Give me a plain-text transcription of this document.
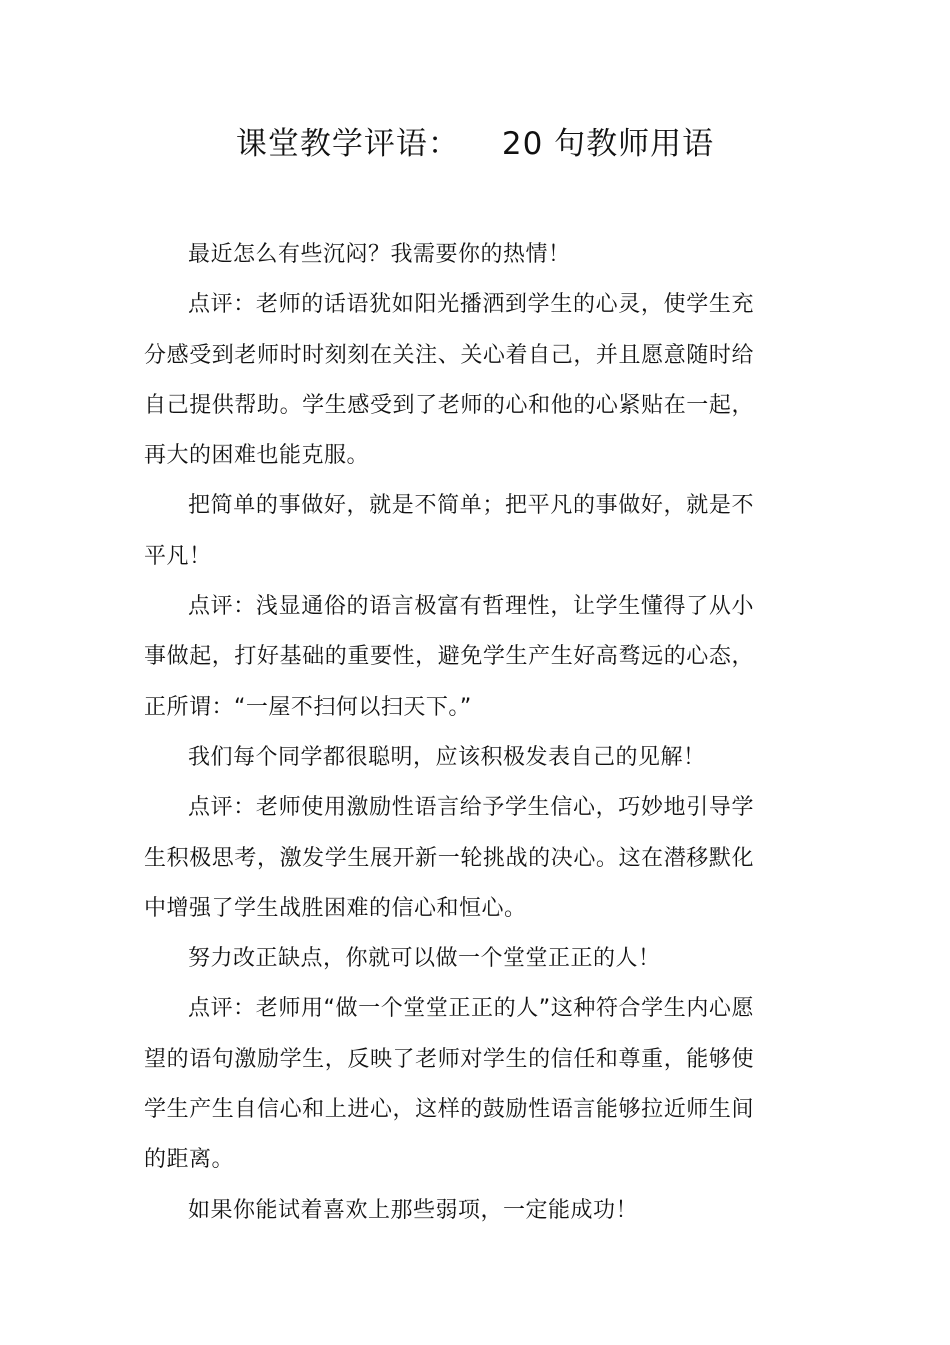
课堂教学评语： 20 句教师用语

最近怎么有些沉闷？我需要你的热情！

点评：老师的话语犹如阳光播洒到学生的心灵，使学生充分感受到老师时时刻刻在关注、关心着自己，并且愿意随时给自己提供帮助。学生感受到了老师的心和他的心紧贴在一起，再大的困难也能克服。

把简单的事做好，就是不简单；把平凡的事做好，就是不平凡！

点评：浅显通俗的语言极富有哲理性，让学生懂得了从小事做起，打好基础的重要性，避免学生产生好高骛远的心态，正所谓：“一屋不扫何以扫天下。”

我们每个同学都很聪明，应该积极发表自己的见解！

点评：老师使用激励性语言给予学生信心，巧妙地引导学生积极思考，激发学生展开新一轮挑战的决心。这在潜移默化中增强了学生战胜困难的信心和恒心。

努力改正缺点，你就可以做一个堂堂正正的人！

点评：老师用“做一个堂堂正正的人”这种符合学生内心愿望的语句激励学生，反映了老师对学生的信任和尊重，能够使学生产生自信心和上进心，这样的鼓励性语言能够拉近师生间的距离。

如果你能试着喜欢上那些弱项，一定能成功！
